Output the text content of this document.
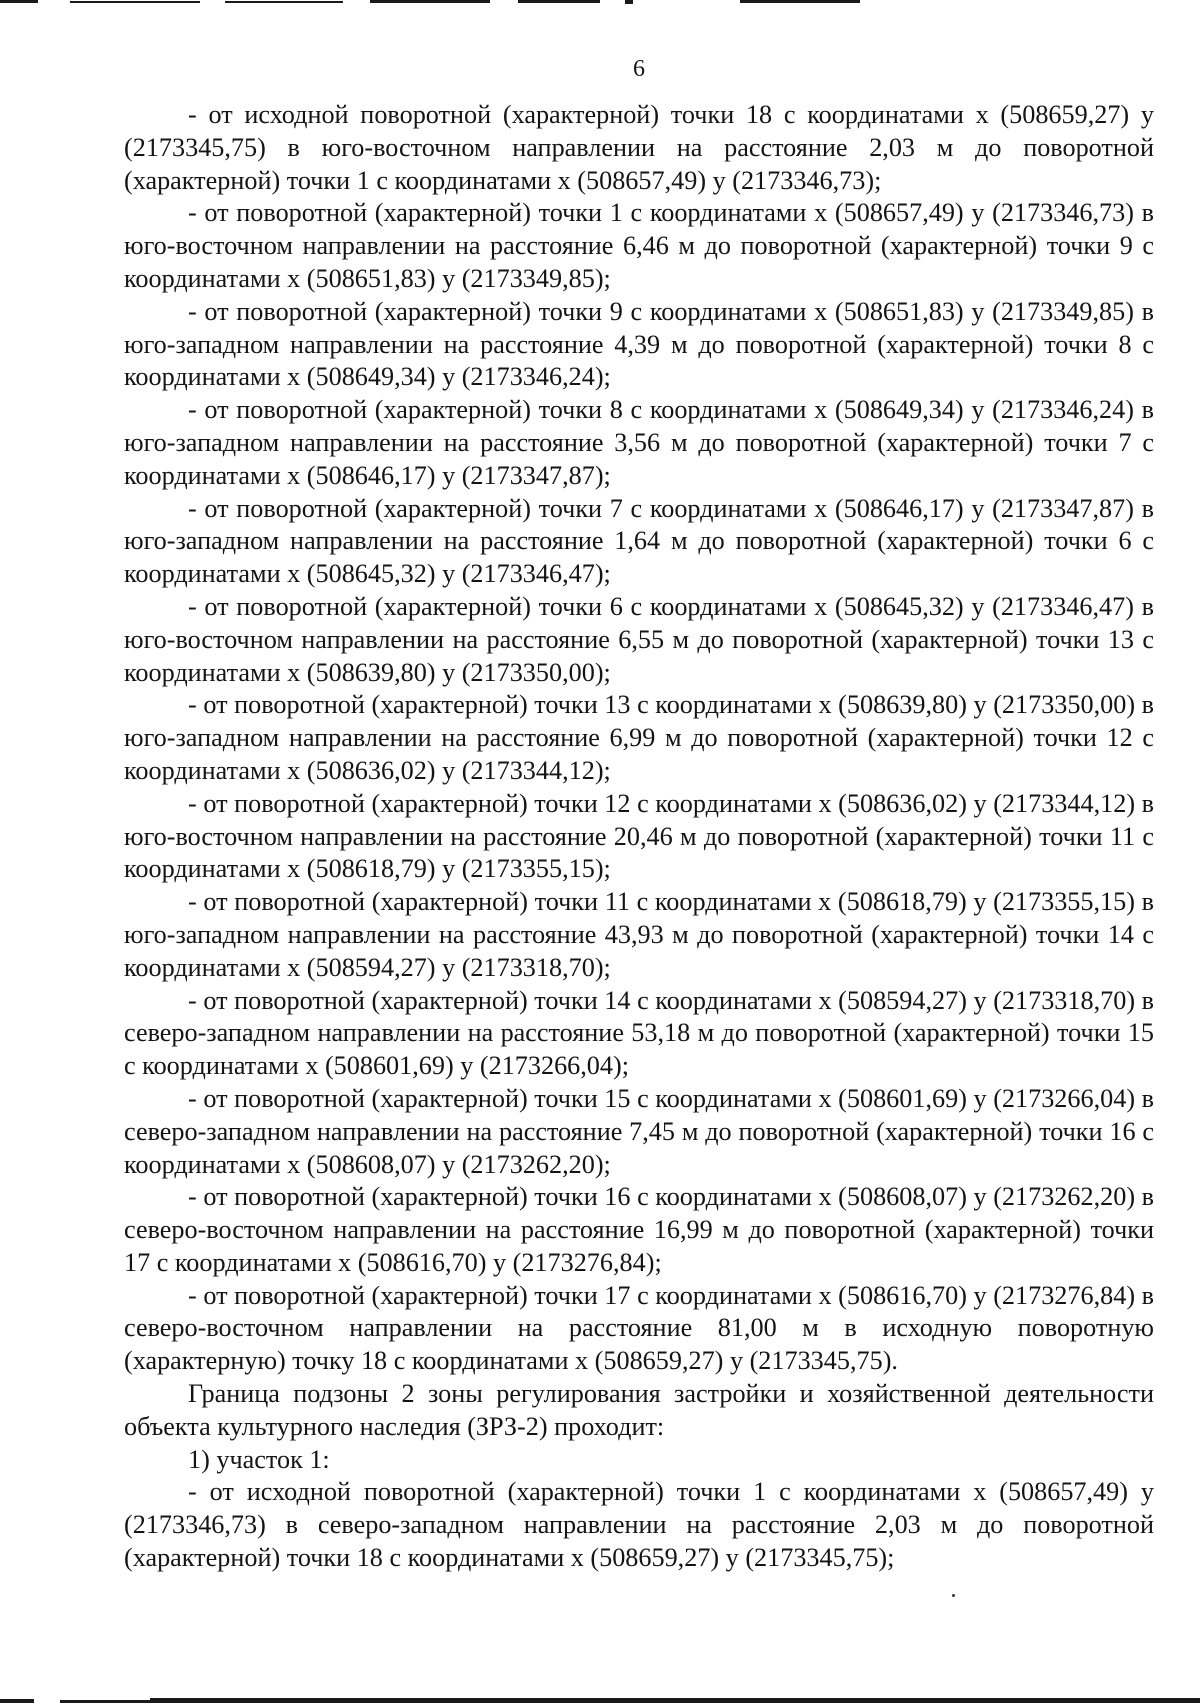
6

- от исходной поворотной (характерной) точки 18 с координатами х (508659,27) у (2173345,75) в юго-восточном направлении на расстояние 2,03 м до поворотной (характерной) точки 1 с координатами х (508657,49) у (2173346,73);

- от поворотной (характерной) точки 1 с координатами х (508657,49) у (2173346,73) в юго-восточном направлении на расстояние 6,46 м до поворотной (характерной) точки 9 с координатами х (508651,83) у (2173349,85);

- от поворотной (характерной) точки 9 с координатами х (508651,83) у (2173349,85) в юго-западном направлении на расстояние 4,39 м до поворотной (характерной) точки 8 с координатами х (508649,34) у (2173346,24);

- от поворотной (характерной) точки 8 с координатами х (508649,34) у (2173346,24) в юго-западном направлении на расстояние 3,56 м до поворотной (характерной) точки 7 с координатами х (508646,17) у (2173347,87);

- от поворотной (характерной) точки 7 с координатами х (508646,17) у (2173347,87) в юго-западном направлении на расстояние 1,64 м до поворотной (характерной) точки 6 с координатами х (508645,32) у (2173346,47);

- от поворотной (характерной) точки 6 с координатами х (508645,32) у (2173346,47) в юго-восточном направлении на расстояние 6,55 м до поворотной (характерной) точки 13 с координатами х (508639,80) у (2173350,00);

- от поворотной (характерной) точки 13 с координатами х (508639,80) у (2173350,00) в юго-западном направлении на расстояние 6,99 м до поворотной (характерной) точки 12 с координатами х (508636,02) у (2173344,12);

- от поворотной (характерной) точки 12 с координатами х (508636,02) у (2173344,12) в юго-восточном направлении на расстояние 20,46 м до поворотной (характерной) точки 11 с координатами х (508618,79) у (2173355,15);

- от поворотной (характерной) точки 11 с координатами х (508618,79) у (2173355,15) в юго-западном направлении на расстояние 43,93 м до поворотной (характерной) точки 14 с координатами х (508594,27) у (2173318,70);

- от поворотной (характерной) точки 14 с координатами х (508594,27) у (2173318,70) в северо-западном направлении на расстояние 53,18 м до поворотной (характерной) точки 15 с координатами х (508601,69) у (2173266,04);

- от поворотной (характерной) точки 15 с координатами х (508601,69) у (2173266,04) в северо-западном направлении на расстояние 7,45 м до поворотной (характерной) точки 16 с координатами х (508608,07) у (2173262,20);

- от поворотной (характерной) точки 16 с координатами х (508608,07) у (2173262,20) в северо-восточном направлении на расстояние 16,99 м до поворотной (характерной) точки 17 с координатами х (508616,70) у (2173276,84);

- от поворотной (характерной) точки 17 с координатами х (508616,70) у (2173276,84) в северо-восточном направлении на расстояние 81,00 м в исходную поворотную (характерную) точку 18 с координатами х (508659,27) у (2173345,75).

Граница подзоны 2 зоны регулирования застройки и хозяйственной деятельности объекта культурного наследия (ЗРЗ-2) проходит:

1) участок 1:

- от исходной поворотной (характерной) точки 1 с координатами х (508657,49) у (2173346,73) в северо-западном направлении на расстояние 2,03 м до поворотной (характерной) точки 18 с координатами х (508659,27) у (2173345,75);
